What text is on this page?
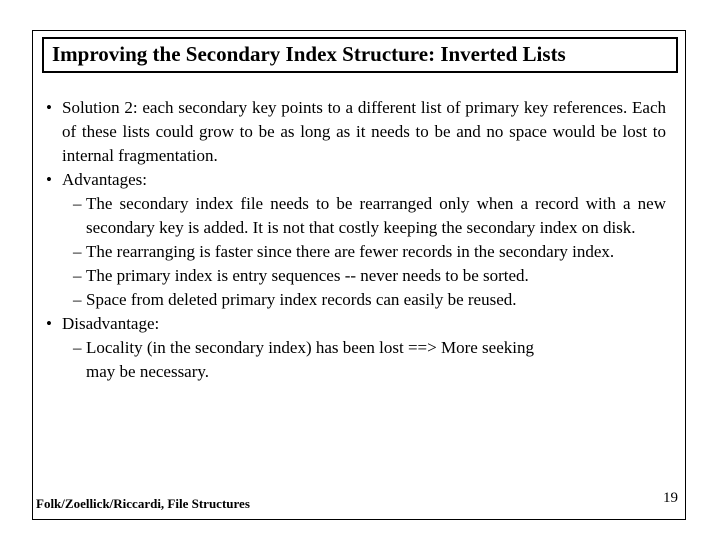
Improving the Secondary Index Structure: Inverted Lists
• Solution 2: each secondary key points to a different list of primary key references. Each of these lists could grow to be as long as it needs to be and no space would be lost to internal fragmentation.
• Advantages:
– The secondary index file needs to be rearranged only when a record with a new secondary key is added. It is not that costly keeping the secondary index on disk.
– The rearranging is faster since there are fewer records in the secondary index.
– The primary index is entry sequences -- never needs to be sorted.
– Space from deleted primary index records can easily be reused.
• Disadvantage:
– Locality (in the secondary index) has been lost ==> More seeking may be necessary.
Folk/Zoellick/Riccardi, File Structures	19
